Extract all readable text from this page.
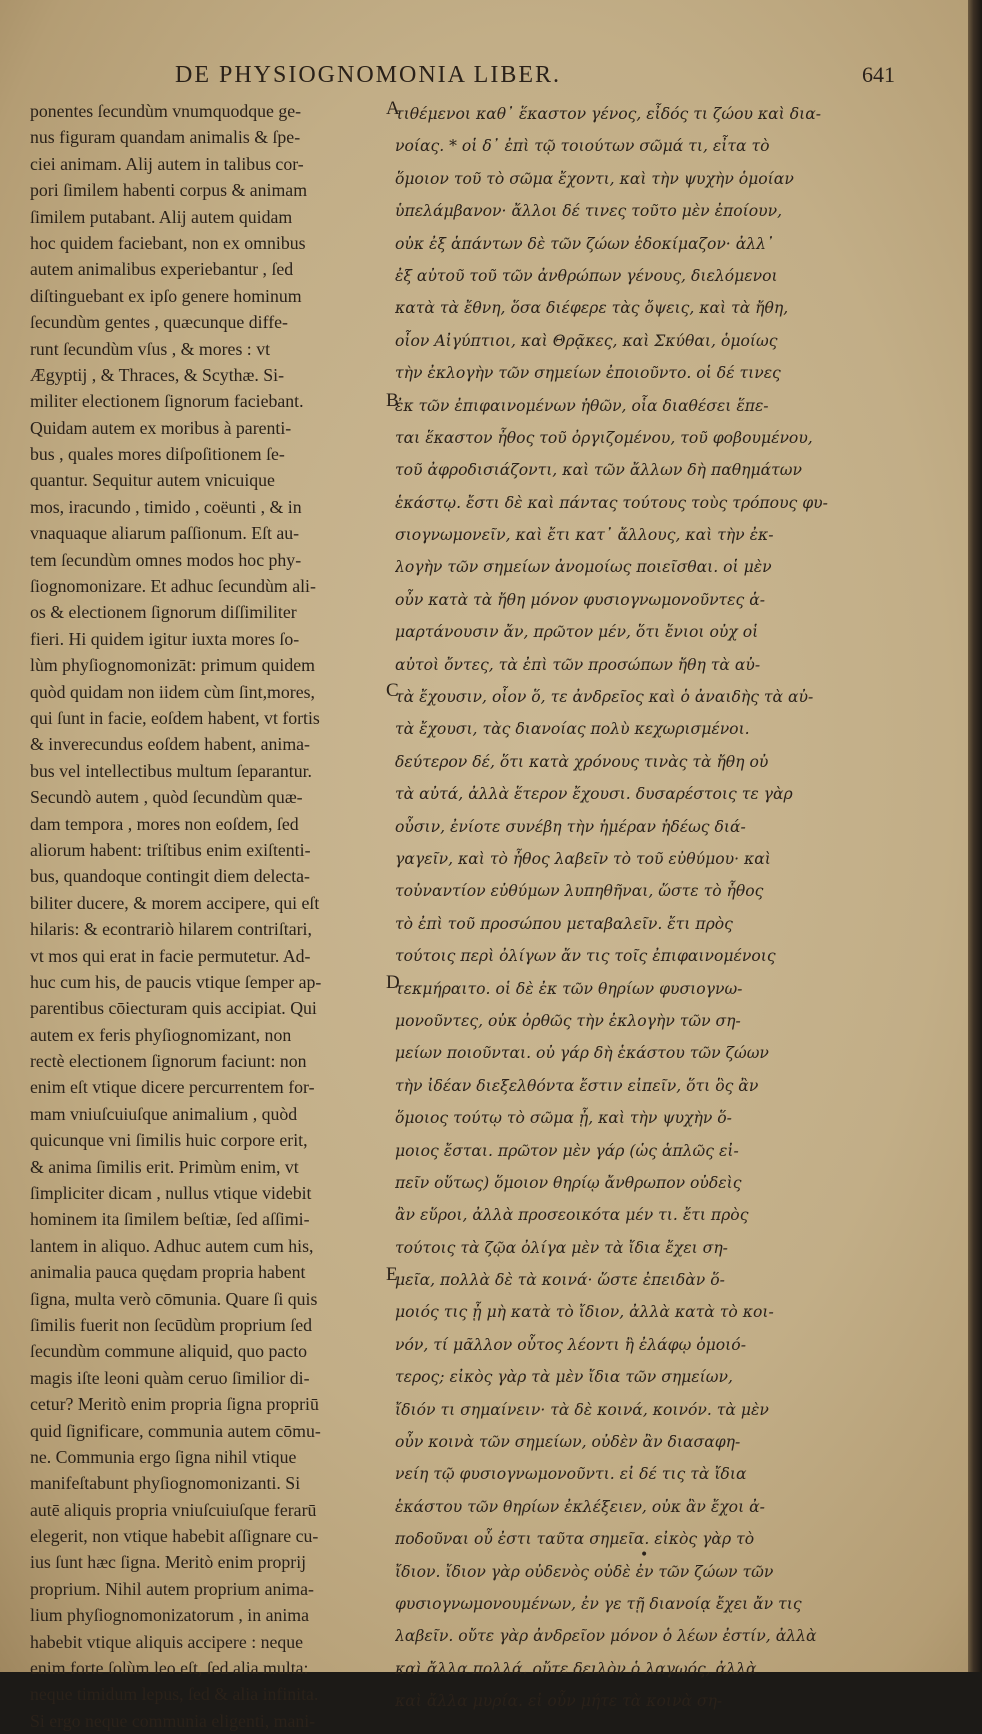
DE PHYSIOGNOMONIA LIBER.	641
ponentes ſecundùm vnumquodque ge-
nus figuram quandam animalis & ſpe-
ciei animam. Alij autem in talibus cor-
pori ſimilem habenti corpus & animam
ſimilem putabant. Alij autem quidam
hoc quidem faciebant, non ex omnibus
autem animalibus experiebantur , ſed
diſtinguebant ex ipſo genere hominum
ſecundùm gentes , quæcunque diffe-
runt ſecundùm vſus , & mores : vt
Ægyptij , & Thraces, & Scythæ. Si-
militer electionem ſignorum faciebant.
Quidam autem ex moribus à parenti-
bus , quales mores diſpoſitionem ſe-
quantur. Sequitur autem vnicuique
mos, iracundo , timido , coëunti , & in
vnaquaque aliarum paſſionum. Eſt au-
tem ſecundùm omnes modos hoc phy-
ſiognomonizare. Et adhuc ſecundùm ali-
os & electionem ſignorum diſſimiliter
fieri. Hi quidem igitur iuxta mores ſo-
lùm phyſiognomonizāt: primum quidem
quòd quidam non iidem cùm ſint,mores,
qui ſunt in facie, eoſdem habent, vt fortis
& inverecundus eoſdem habent, anima-
bus vel intellectibus multum ſeparantur.
Secundò autem , quòd ſecundùm quæ-
dam tempora , mores non eoſdem, ſed
aliorum habent: triſtibus enim exiſtenti-
bus, quandoque contingit diem delecta-
biliter ducere, & morem accipere, qui eſt
hilaris: & econtrariò hilarem contriſtari,
vt mos qui erat in facie permutetur. Ad-
huc cum his, de paucis vtique ſemper ap-
parentibus cōiecturam quis accipiat. Qui
autem ex feris phyſiognomizant, non
rectè electionem ſignorum faciunt: non
enim eſt vtique dicere percurrentem for-
mam vniuſcuiuſque animalium , quòd
quicunque vni ſimilis huic corpore erit,
& anima ſimilis erit. Primùm enim, vt
ſimpliciter dicam , nullus vtique videbit
hominem ita ſimilem beſtiæ, ſed aſſimi-
lantem in aliquo. Adhuc autem cum his,
animalia pauca quędam propria habent
ſigna, multa verò cōmunia. Quare ſi quis
ſimilis fuerit non ſecūdùm proprium ſed
ſecundùm commune aliquid, quo pacto
magis iſte leoni quàm ceruo ſimilior di-
cetur? Meritò enim propria ſigna propriū
quid ſignificare, communia autem cōmu-
ne. Communia ergo ſigna nihil vtique
manifeſtabunt phyſiognomonizanti. Si
autē aliquis propria vniuſcuiuſque ferarū
elegerit, non vtique habebit aſſignare cu-
ius ſunt hæc ſigna. Meritò enim proprij
proprium. Nihil autem proprium anima-
lium phyſiognomonizatorum , in anima
habebit vtique aliquis accipere : neque
enim forte ſolùm leo eſt, ſed alia multa:
neque timidum lepus, ſed & alia infinita.
Si ergo neque communia eligenti, mani-
τιθέμενοι καθ᾽ ἕκαστον γένος, εἶδός τι ζώου καὶ δια-
νοίας. * οἱ δ᾽ ἐπὶ τῷ τοιούτων σῶμά τι, εἶτα τὸ
ὅμοιον τοῦ τὸ σῶμα ἔχοντι, καὶ τὴν ψυχὴν ὁμοίαν
ὑπελάμβανον· ἄλλοι δέ τινες τοῦτο μὲν ἐποίουν,
οὐκ ἐξ ἁπάντων δὲ τῶν ζώων ἐδοκίμαζον· ἀλλ᾽
ἐξ αὐτοῦ τοῦ τῶν ἀνθρώπων γένους, διελόμενοι
κατὰ τὰ ἔθνη, ὅσα διέφερε τὰς ὄψεις, καὶ τὰ ἤθη,
οἷον Αἰγύπτιοι, καὶ Θρᾷκες, καὶ Σκύθαι, ὁμοίως
τὴν ἐκλογὴν τῶν σημείων ἐποιοῦντο. οἱ δέ τινες
ἐκ τῶν ἐπιφαινομένων ἠθῶν, οἷα διαθέσει ἕπε-
ται ἕκαστον ἦθος τοῦ ὀργιζομένου, τοῦ φοβουμένου,
τοῦ ἀφροδισιάζοντι, καὶ τῶν ἄλλων δὴ παθημάτων
ἑκάστῳ. ἔστι δὲ καὶ πάντας τούτους τοὺς τρόπους φυ-
σιογνωμονεῖν, καὶ ἔτι κατ᾽ ἄλλους, καὶ τὴν ἐκ-
λογὴν τῶν σημείων ἀνομοίως ποιεῖσθαι. οἱ μὲν
οὖν κατὰ τὰ ἤθη μόνον φυσιογνωμονοῦντες ἁ-
μαρτάνουσιν ἄν, πρῶτον μέν, ὅτι ἔνιοι οὐχ οἱ
αὐτοὶ ὄντες, τὰ ἐπὶ τῶν προσώπων ἤθη τὰ αὐ-
τὰ ἔχουσιν, οἷον ὅ, τε ἀνδρεῖος καὶ ὁ ἀναιδὴς τὰ αὐ-
τὰ ἔχουσι, τὰς διανοίας πολὺ κεχωρισμένοι.
δεύτερον δέ, ὅτι κατὰ χρόνους τινὰς τὰ ἤθη οὐ
τὰ αὐτά, ἀλλὰ ἕτερον ἔχουσι. δυσαρέστοις τε γὰρ
οὖσιν, ἐνίοτε συνέβη τὴν ἡμέραν ἡδέως διά-
γαγεῖν, καὶ τὸ ἦθος λαβεῖν τὸ τοῦ εὐθύμου· καὶ
τοὐναντίον εὐθύμων λυπηθῆναι, ὥστε τὸ ἦθος
τὸ ἐπὶ τοῦ προσώπου μεταβαλεῖν. ἔτι πρὸς
τούτοις περὶ ὀλίγων ἄν τις τοῖς ἐπιφαινομένοις
τεκμήραιτο. οἱ δὲ ἐκ τῶν θηρίων φυσιογνω-
μονοῦντες, οὐκ ὀρθῶς τὴν ἐκλογὴν τῶν ση-
μείων ποιοῦνται. οὐ γάρ δὴ ἑκάστου τῶν ζώων
τὴν ἰδέαν διεξελθόντα ἔστιν εἰπεῖν, ὅτι ὃς ἂν
ὅμοιος τούτῳ τὸ σῶμα ᾖ, καὶ τὴν ψυχὴν ὅ-
μοιος ἔσται. πρῶτον μὲν γάρ (ὡς ἁπλῶς εἰ-
πεῖν οὕτως) ὅμοιον θηρίῳ ἄνθρωπον οὐδεὶς
ἂν εὕροι, ἀλλὰ προσεοικότα μέν τι. ἔτι πρὸς
τούτοις τὰ ζῷα ὀλίγα μὲν τὰ ἴδια ἔχει ση-
μεῖα, πολλὰ δὲ τὰ κοινά· ὥστε ἐπειδὰν ὅ-
μοιός τις ᾖ μὴ κατὰ τὸ ἴδιον, ἀλλὰ κατὰ τὸ κοι-
νόν, τί μᾶλλον οὗτος λέοντι ἢ ἐλάφῳ ὁμοιό-
τερος; εἰκὸς γὰρ τὰ μὲν ἴδια τῶν σημείων,
ἴδιόν τι σημαίνειν· τὰ δὲ κοινά, κοινόν. τὰ μὲν
οὖν κοινὰ τῶν σημείων, οὐδὲν ἂν διασαφη-
νείη τῷ φυσιογνωμονοῦντι. εἰ δέ τις τὰ ἴδια
ἑκάστου τῶν θηρίων ἐκλέξειεν, οὐκ ἂν ἔχοι ἀ-
ποδοῦναι οὗ ἐστι ταῦτα σημεῖα. εἰκὸς γὰρ τὸ
ἴδιον. ἴδιον γὰρ οὐδενὸς οὐδὲ ἐν τῶν ζώων τῶν
φυσιογνωμονουμένων, ἐν γε τῇ διανοίᾳ ἔχει ἄν τις
λαβεῖν. οὔτε γὰρ ἀνδρεῖον μόνον ὁ λέων ἐστίν, ἀλλὰ
καὶ ἄλλα πολλά. οὔτε δειλὸν ὁ λαγωός, ἀλλὰ
καὶ ἄλλα μυρία. εἰ οὖν μήτε τὰ κοινὰ ση-
A
B
C
D
E
•
